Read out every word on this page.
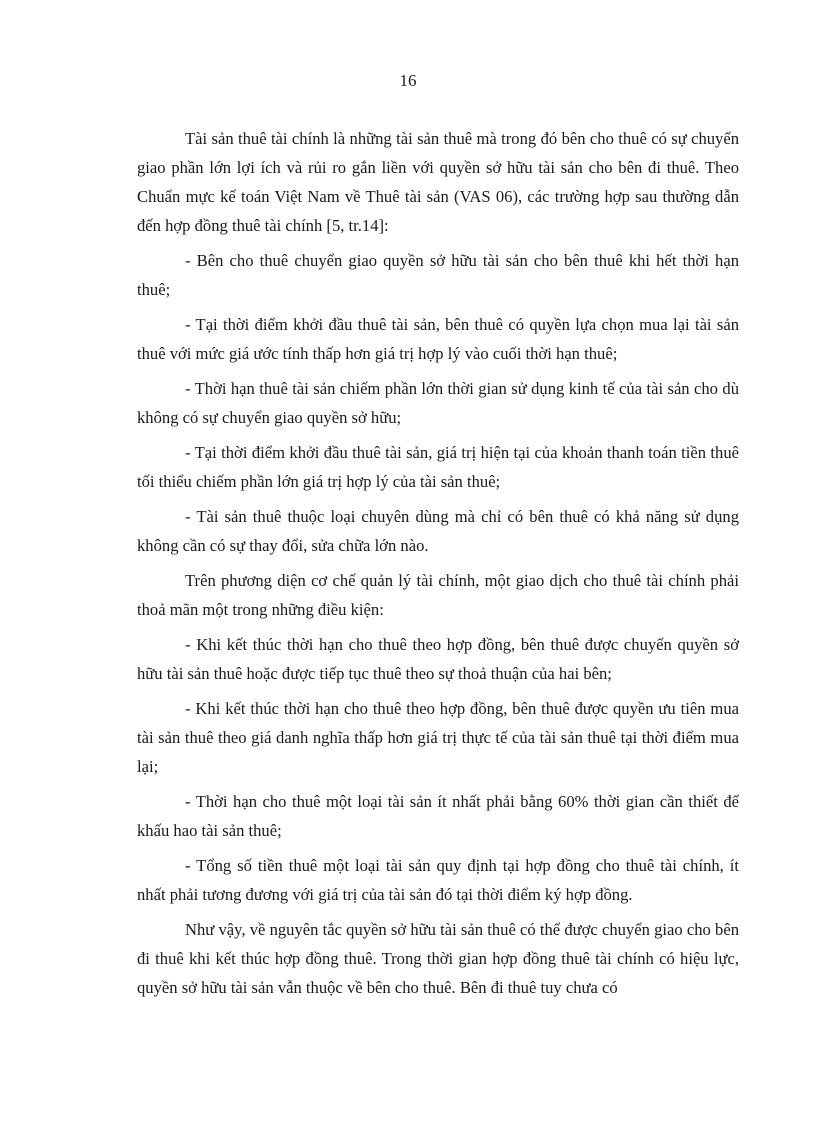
16

Tài sản thuê tài chính là những tài sản thuê mà trong đó bên cho thuê có sự chuyển giao phần lớn lợi ích và rủi ro gắn liền với quyền sở hữu tài sản cho bên đi thuê. Theo Chuẩn mực kế toán Việt Nam về Thuê tài sản (VAS 06), các trường hợp sau thường dẫn đến hợp đồng thuê tài chính [5, tr.14]:

- Bên cho thuê chuyển giao quyền sở hữu tài sản cho bên thuê khi hết thời hạn thuê;

- Tại thời điểm khởi đầu thuê tài sản, bên thuê có quyền lựa chọn mua lại tài sản thuê với mức giá ước tính thấp hơn giá trị hợp lý vào cuối thời hạn thuê;

- Thời hạn thuê tài sản chiếm phần lớn thời gian sử dụng kinh tế của tài sản cho dù không có sự chuyển giao quyền sở hữu;

- Tại thời điểm khởi đầu thuê tài sản, giá trị hiện tại của khoản thanh toán tiền thuê tối thiểu chiếm phần lớn giá trị hợp lý của tài sản thuê;

- Tài sản thuê thuộc loại chuyên dùng mà chỉ có bên thuê có khả năng sử dụng không cần có sự thay đổi, sửa chữa lớn nào.

Trên phương diện cơ chế quản lý tài chính, một giao dịch cho thuê tài chính phải thoả mãn một trong những điều kiện:

- Khi kết thúc thời hạn cho thuê theo hợp đồng, bên thuê được chuyển quyền sở hữu tài sản thuê hoặc được tiếp tục thuê theo sự thoả thuận của hai bên;

- Khi kết thúc thời hạn cho thuê theo hợp đồng, bên thuê được quyền ưu tiên mua tài sản thuê theo giá danh nghĩa thấp hơn giá trị thực tế của tài sản thuê tại thời điểm mua lại;

- Thời hạn cho thuê một loại tài sản ít nhất phải bằng 60% thời gian cần thiết để khấu hao tài sản thuê;

- Tổng số tiền thuê một loại tài sản quy định tại hợp đồng cho thuê tài chính, ít nhất phải tương đương với giá trị của tài sản đó tại thời điểm ký hợp đồng.

Như vậy, về nguyên tắc quyền sở hữu tài sản thuê có thể được chuyển giao cho bên đi thuê khi kết thúc hợp đồng thuê. Trong thời gian hợp đồng thuê tài chính có hiệu lực, quyền sở hữu tài sản vẫn thuộc về bên cho thuê. Bên đi thuê tuy chưa có
